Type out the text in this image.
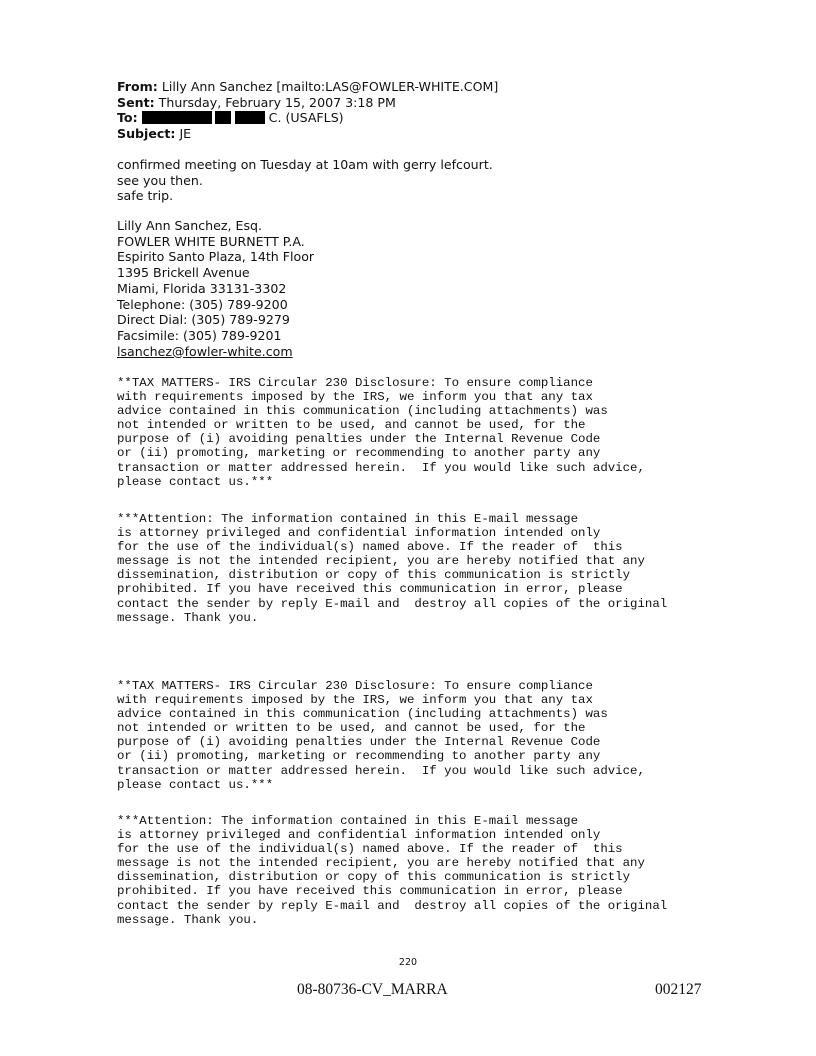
From: Lilly Ann Sanchez [mailto:LAS@FOWLER-WHITE.COM]
Sent: Thursday, February 15, 2007 3:18 PM
To:	C. (USAFLS)
Subject: JE
confirmed meeting on Tuesday at 10am with gerry lefcourt.
see you then.
safe trip.
Lilly Ann Sanchez, Esq.
FOWLER WHITE BURNETT P.A.
Espirito Santo Plaza, 14th Floor
1395 Brickell Avenue
Miami, Florida 33131-3302
Telephone: (305) 789-9200
Direct Dial: (305) 789-9279
Facsimile: (305) 789-9201
lsanchez@fowler-white.com
**TAX MATTERS- IRS Circular 230 Disclosure: To ensure compliance
with requirements imposed by the IRS, we inform you that any tax
advice contained in this communication (including attachments) was
not intended or written to be used, and cannot be used, for the
purpose of (i) avoiding penalties under the Internal Revenue Code
or (ii) promoting, marketing or recommending to another party any
transaction or matter addressed herein.  If you would like such advice,
please contact us.***
***Attention: The information contained in this E-mail message
is attorney privileged and confidential information intended only
for the use of the individual(s) named above. If the reader of  this
message is not the intended recipient, you are hereby notified that any
dissemination, distribution or copy of this communication is strictly
prohibited. If you have received this communication in error, please
contact the sender by reply E-mail and  destroy all copies of the original
message. Thank you.
**TAX MATTERS- IRS Circular 230 Disclosure: To ensure compliance
with requirements imposed by the IRS, we inform you that any tax
advice contained in this communication (including attachments) was
not intended or written to be used, and cannot be used, for the
purpose of (i) avoiding penalties under the Internal Revenue Code
or (ii) promoting, marketing or recommending to another party any
transaction or matter addressed herein.  If you would like such advice,
please contact us.***
***Attention: The information contained in this E-mail message
is attorney privileged and confidential information intended only
for the use of the individual(s) named above. If the reader of  this
message is not the intended recipient, you are hereby notified that any
dissemination, distribution or copy of this communication is strictly
prohibited. If you have received this communication in error, please
contact the sender by reply E-mail and  destroy all copies of the original
message. Thank you.
220
08-80736-CV_MARRA	002127
